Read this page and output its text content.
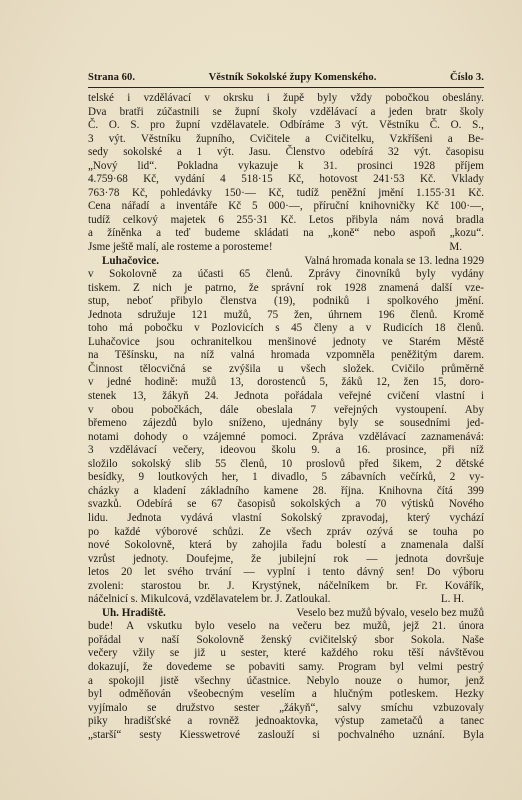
Strana 60.	Věstník Sokolské župy Komenského.	Číslo 3.
telské i vzdělávací v okrsku i župě byly vždy pobočkou obeslány.
Dva bratři zúčastnili se župní školy vzdělávací a jeden bratr školy
Č. O. S. pro župní vzdělavatele. Odbíráme 3 výt. Věstníku Č. O. S.,
3 výt. Věstníku župního, Cvičitele a Cvičitelku, Vzkříšeni a Be-
sedy sokolské a 1 výt. Jasu. Členstvo odebírá 32 výt. časopisu
„Nový lid“. Pokladna vykazuje k 31. prosinci 1928 příjem
4.759·68 Kč, vydání 4 518·15 Kč, hotovost 241·53 Kč. Vklady
763·78 Kč, pohledávky 150·— Kč, tudíž peněžní jmění 1.155·31 Kč.
Cena nářadí a inventáře Kč 5 000·—, příruční knihovničky Kč 100·—,
tudíž celkový majetek 6 255·31 Kč. Letos přibyla nám nová bradla
a žíněnka a teď budeme skládati na „koně“ nebo aspoň „kozu“.
Jsme ještě malí, ale rosteme a porosteme!	M.
Luhačovice.	Valná hromada konala se 13. ledna 1929
v Sokolovně za účasti 65 členů. Zprávy činovníků byly vydány
tiskem. Z nich je patrno, že správní rok 1928 znamená další vze-
stup, neboť přibylo členstva (19), podniků i spolkového jmění.
Jednota sdružuje 121 mužů, 75 žen, úhrnem 196 členů. Kromě
toho má pobočku v Pozlovicích s 45 členy a v Rudicích 18 členů.
Luhačovice jsou ochranitelkou menšinové jednoty ve Starém Městě
na Těšínsku, na níž valná hromada vzpomněla peněžitým darem.
Činnost tělocvičná se zvýšila u všech složek. Cvičilo průměrně
v jedné hodině: mužů 13, dorostenců 5, žáků 12, žen 15, doro-
stenek 13, žákyň 24. Jednota pořádala veřejné cvičení vlastní i
v obou pobočkách, dále obeslala 7 veřejných vystoupení. Aby
břemeno zájezdů bylo sníženo, ujednány byly se sousedními jed-
notami dohody o vzájemné pomoci. Zpráva vzdělávací zaznamenává:
3 vzdělávací večery, ideovou školu 9. a 16. prosince, při níž
složilo sokolský slib 55 členů, 10 proslovů před šikem, 2 dětské
besídky, 9 loutkových her, 1 divadlo, 5 zábavních večírků, 2 vy-
cházky a kladení základního kamene 28. října. Knihovna čítá 399
svazků. Odebírá se 67 časopisů sokolských a 70 výtisků Nového
lidu. Jednota vydává vlastní Sokolský zpravodaj, který vychází
po každé výborové schůzi. Ze všech zpráv ozývá se touha po
nové Sokolovně, která by zahojila řadu bolestí a znamenala další
vzrůst jednoty. Doufejme, že jubilejní rok — jednota dovršuje
letos 20 let svého trvání — vyplní i tento dávný sen! Do výboru
zvoleni: starostou br. J. Krystýnek, náčelníkem br. Fr. Kovářík,
náčelnicí s. Mikulcová, vzdělavatelem br. J. Zatloukal.	L. H.
Uh. Hradiště.	Veselo bez mužů bývalo, veselo bez mužů
bude! A vskutku bylo veselo na večeru bez mužů, jejž 21. února
pořádal v naší Sokolovně ženský cvičitelský sbor Sokola. Naše
večery vžily se již u sester, které každého roku těší návštěvou
dokazují, že dovedeme se pobaviti samy. Program byl velmi pestrý
a spokojil jistě všechny účastnice. Nebylo nouze o humor, jenž
byl odměňován všeobecným veselím a hlučným potleskem. Hezky
vyjímalo se družstvo sester „žákyň“, salvy smíchu vzbuzovaly
piky hradišťské a rovněž jednoaktovka, výstup zametačů a tanec
„starší“ sesty Kiesswetrové zaslouží si pochvalného uznání. Byla
